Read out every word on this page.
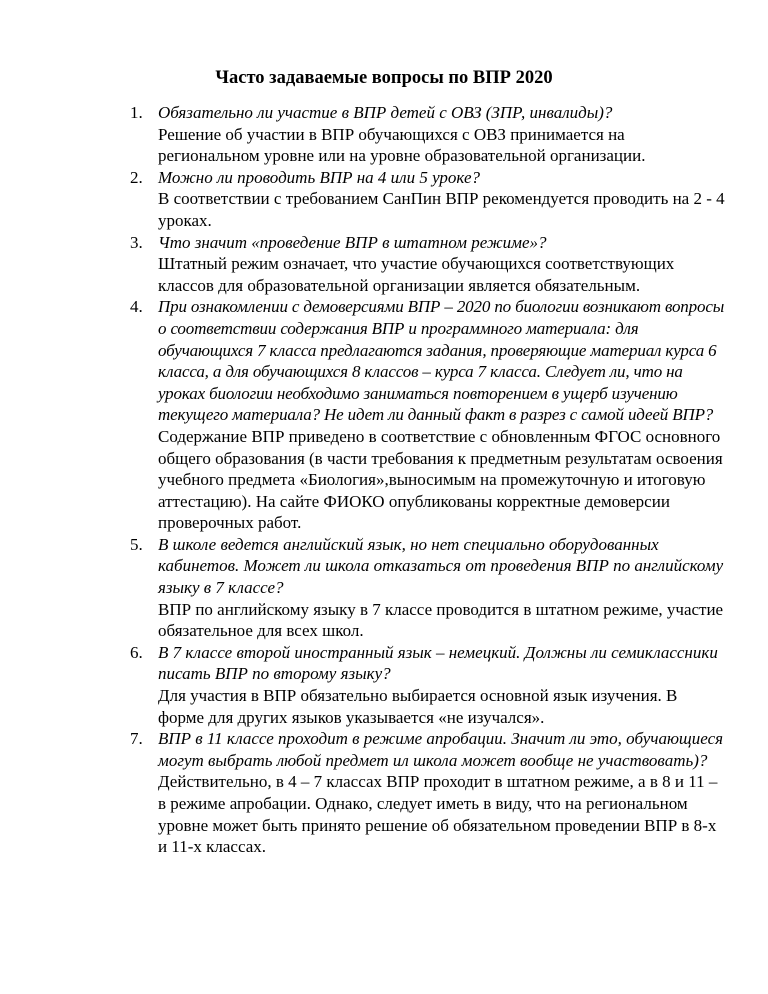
Часто задаваемые вопросы по ВПР 2020
1. Обязательно ли участие в ВПР детей с ОВЗ (ЗПР, инвалиды)?
Решение об участии в ВПР обучающихся с ОВЗ принимается на региональном уровне или на уровне образовательной организации.
2. Можно ли проводить ВПР на 4 или 5 уроке?
В соответствии с требованием СанПин ВПР рекомендуется проводить на 2 - 4 уроках.
3. Что значит «проведение ВПР в штатном режиме»?
Штатный режим означает, что участие обучающихся соответствующих классов для образовательной организации является обязательным.
4. При ознакомлении с демоверсиями ВПР – 2020 по биологии возникают вопросы о соответствии содержания ВПР и программного материала: для обучающихся 7 класса предлагаются задания, проверяющие материал курса 6 класса, а для обучающихся 8 классов – курса 7 класса. Следует ли, что на уроках биологии необходимо заниматься повторением в ущерб изучению текущего материала? Не идет ли данный факт в разрез с самой идеей ВПР?
Содержание ВПР приведено в соответствие с обновленным ФГОС основного общего образования (в части требования к предметным результатам освоения учебного предмета «Биология»,выносимым на промежуточную и итоговую аттестацию). На сайте ФИОКО опубликованы корректные демоверсии проверочных работ.
5. В школе ведется английский язык, но нет специально оборудованных кабинетов. Может ли школа отказаться от проведения ВПР по английскому языку в 7 классе?
ВПР по английскому языку в 7 классе проводится в штатном режиме, участие обязательное для всех школ.
6. В 7 классе второй иностранный язык – немецкий. Должны ли семиклассники писать ВПР по второму языку?
Для участия в ВПР обязательно выбирается основной язык изучения. В форме для других языков указывается «не изучался».
7. ВПР в 11 классе проходит в режиме апробации. Значит ли это, обучающиеся могут выбрать любой предмет ил школа может вообще не участвовать)?
Действительно, в 4 – 7 классах ВПР проходит в штатном режиме, а в 8 и 11 – в режиме апробации. Однако, следует иметь в виду, что на региональном уровне может быть принято решение об обязательном проведении ВПР в 8-х и 11-х классах.
